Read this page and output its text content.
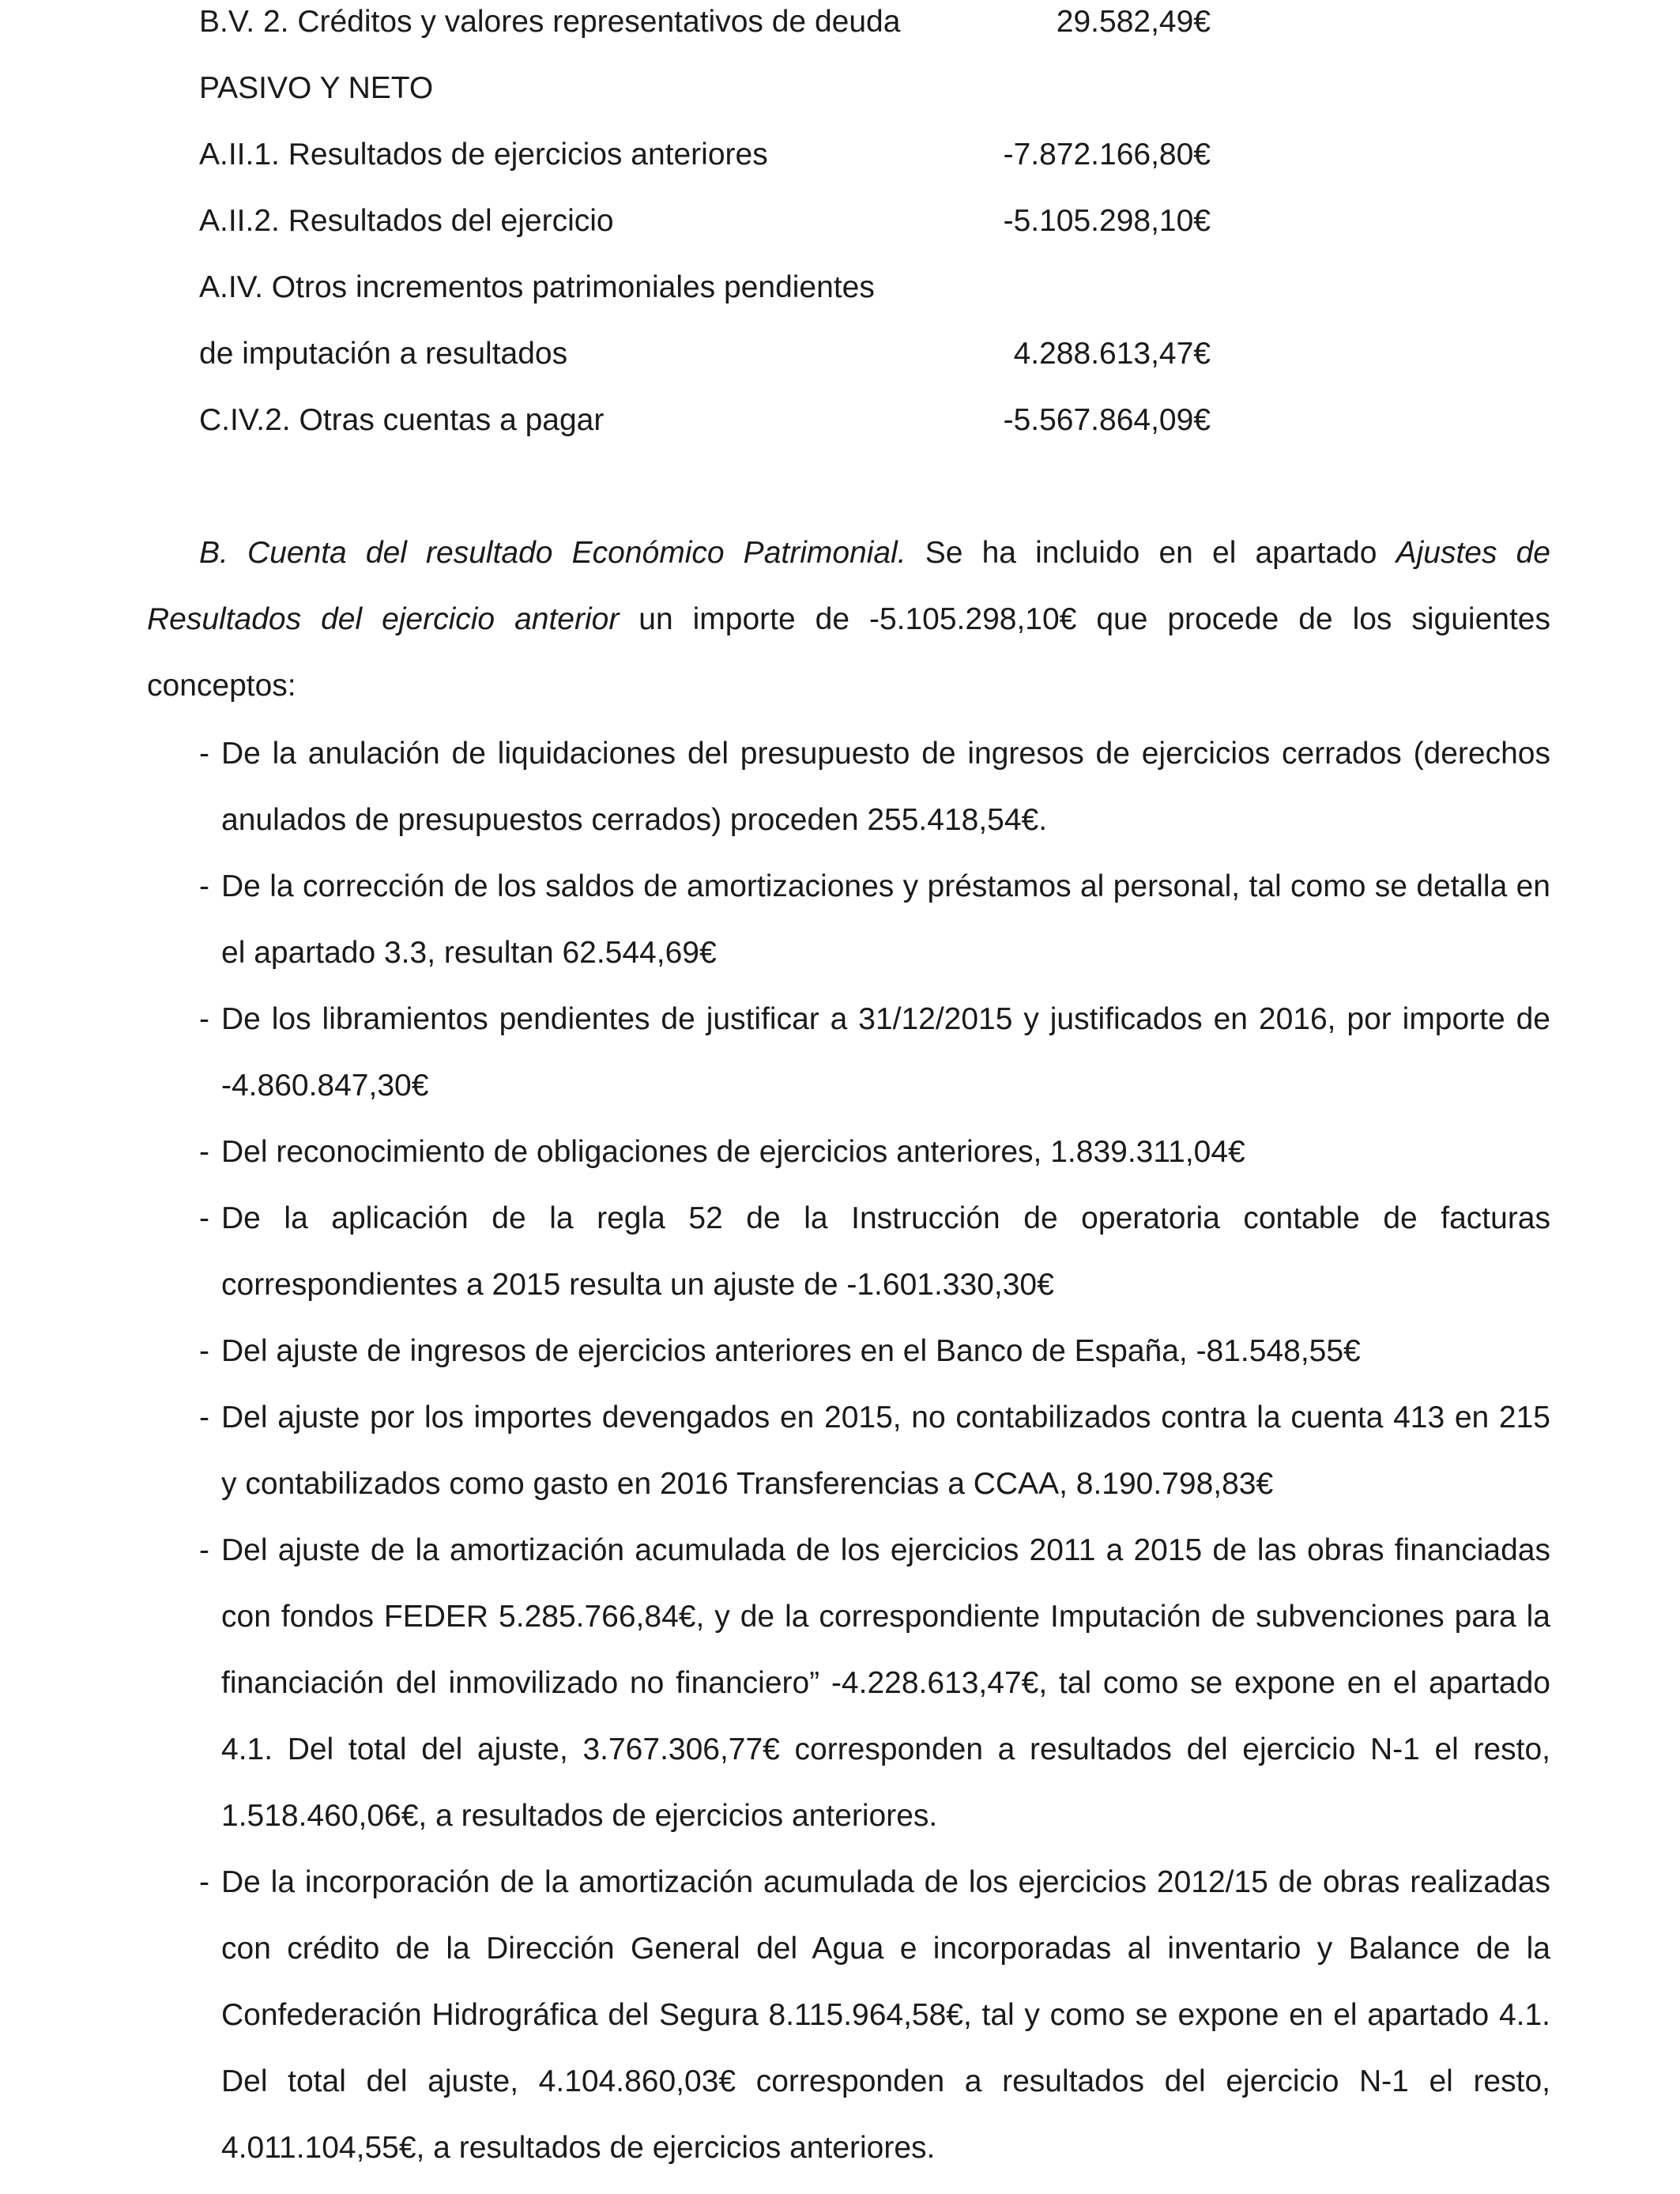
B.V. 2. Créditos y valores representativos de deuda	29.582,49€
PASIVO Y NETO
A.II.1. Resultados de ejercicios anteriores	-7.872.166,80€
A.II.2. Resultados del ejercicio	-5.105.298,10€
A.IV. Otros incrementos patrimoniales pendientes
de imputación a resultados	4.288.613,47€
C.IV.2. Otras cuentas a pagar	-5.567.864,09€
B. Cuenta del resultado Económico Patrimonial. Se ha incluido en el apartado Ajustes de Resultados del ejercicio anterior un importe de -5.105.298,10€ que procede de los siguientes conceptos:
- De la anulación de liquidaciones del presupuesto de ingresos de ejercicios cerrados (derechos anulados de presupuestos cerrados) proceden 255.418,54€.
- De la corrección de los saldos de amortizaciones y préstamos al personal, tal como se detalla en el apartado 3.3, resultan 62.544,69€
- De los libramientos pendientes de justificar a 31/12/2015 y justificados en 2016, por importe de -4.860.847,30€
- Del reconocimiento de obligaciones de ejercicios anteriores, 1.839.311,04€
- De la aplicación de la regla 52 de la Instrucción de operatoria contable de facturas correspondientes a 2015 resulta un ajuste de -1.601.330,30€
- Del ajuste de ingresos de ejercicios anteriores en el Banco de España, -81.548,55€
- Del ajuste por los importes devengados en 2015, no contabilizados contra la cuenta 413 en 215 y contabilizados como gasto en 2016 Transferencias a CCAA, 8.190.798,83€
- Del ajuste de la amortización acumulada de los ejercicios 2011 a 2015 de las obras financiadas con fondos FEDER 5.285.766,84€, y de la correspondiente Imputación de subvenciones para la financiación del inmovilizado no financiero” -4.228.613,47€, tal como se expone en el apartado 4.1. Del total del ajuste, 3.767.306,77€ corresponden a resultados del ejercicio N-1 el resto, 1.518.460,06€, a resultados de ejercicios anteriores.
- De la incorporación de la amortización acumulada de los ejercicios 2012/15 de obras realizadas con crédito de la Dirección General del Agua e incorporadas al inventario y Balance de la Confederación Hidrográfica del Segura 8.115.964,58€, tal y como se expone en el apartado 4.1. Del total del ajuste, 4.104.860,03€ corresponden a resultados del ejercicio N-1 el resto, 4.011.104,55€, a resultados de ejercicios anteriores.
